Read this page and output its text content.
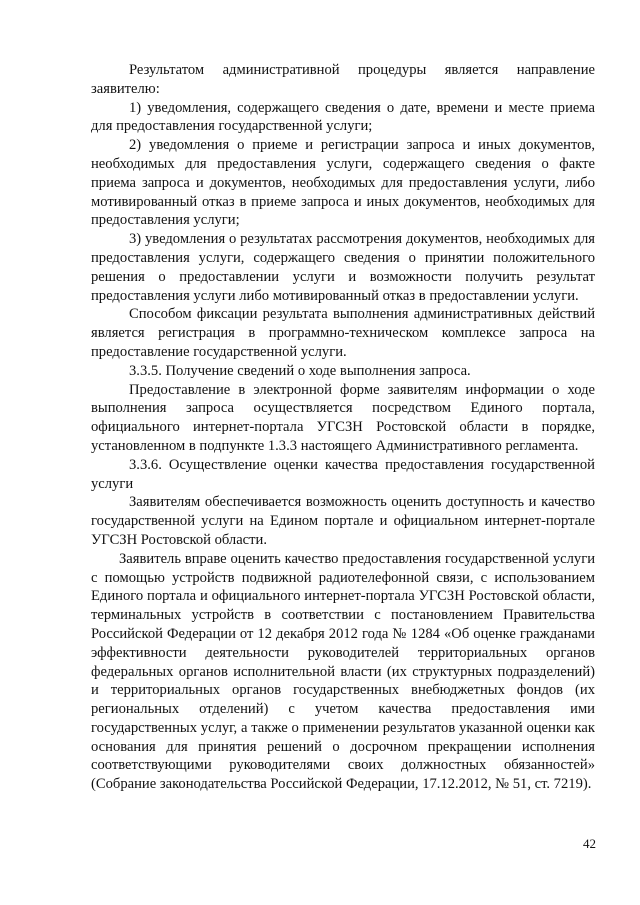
Результатом административной процедуры является направление заявителю:

1) уведомления, содержащего сведения о дате, времени и месте приема для предоставления государственной услуги;

2) уведомления о приеме и регистрации запроса и иных документов, необходимых для предоставления услуги, содержащего сведения о факте приема запроса и документов, необходимых для предоставления услуги, либо мотивированный отказ в приеме запроса и иных документов, необходимых для предоставления услуги;

3) уведомления о результатах рассмотрения документов, необходимых для предоставления услуги, содержащего сведения о принятии положительного решения о предоставлении услуги и возможности получить результат предоставления услуги либо мотивированный отказ в предоставлении услуги.

Способом фиксации результата выполнения административных действий является регистрация в программно-техническом комплексе запроса на предоставление государственной услуги.

3.3.5. Получение сведений о ходе выполнения запроса.

Предоставление в электронной форме заявителям информации о ходе выполнения запроса осуществляется посредством Единого портала, официального интернет-портала УГСЗН Ростовской области в порядке, установленном в подпункте 1.3.3 настоящего Административного регламента.

3.3.6. Осуществление оценки качества предоставления государственной услуги

Заявителям обеспечивается возможность оценить доступность и качество государственной услуги на Едином портале и официальном интернет-портале УГСЗН Ростовской области.

Заявитель вправе оценить качество предоставления государственной услуги с помощью устройств подвижной радиотелефонной связи, с использованием Единого портала и официального интернет-портала УГСЗН Ростовской области, терминальных устройств в соответствии с постановлением Правительства Российской Федерации от 12 декабря 2012 года № 1284 «Об оценке гражданами эффективности деятельности руководителей территориальных органов федеральных органов исполнительной власти (их структурных подразделений) и территориальных органов государственных внебюджетных фондов (их региональных отделений) с учетом качества предоставления ими государственных услуг, а также о применении результатов указанной оценки как основания для принятия решений о досрочном прекращении исполнения соответствующими руководителями своих должностных обязанностей» (Собрание законодательства Российской Федерации, 17.12.2012, № 51, ст. 7219).

42
